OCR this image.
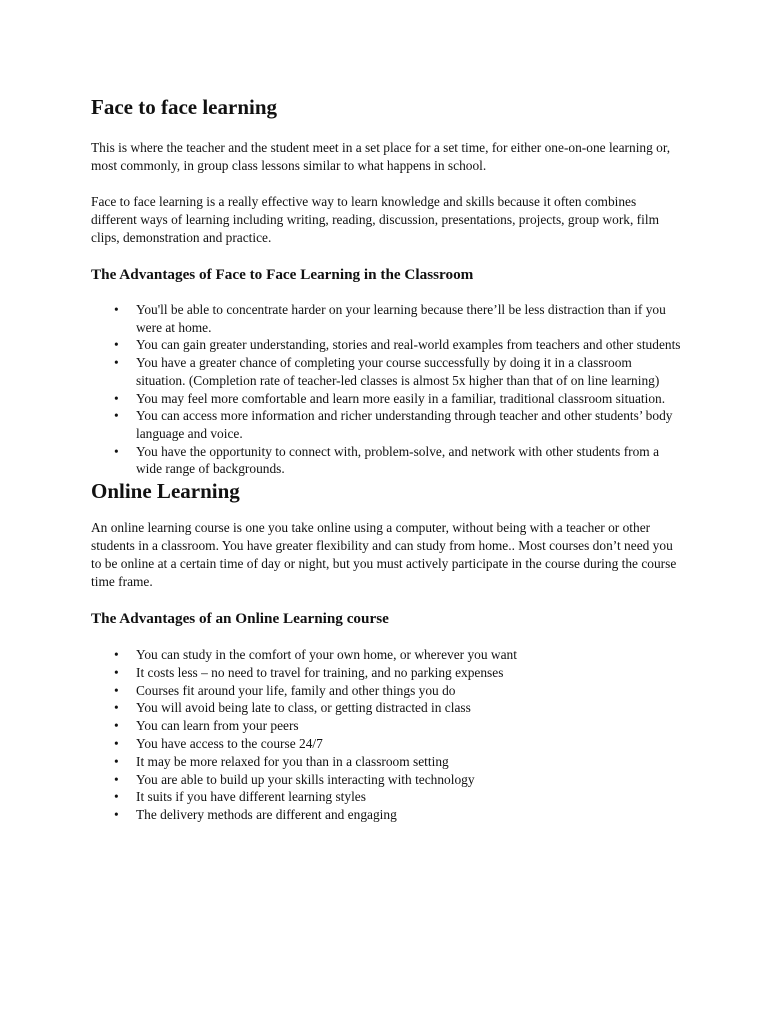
Face to face learning

This is where the teacher and the student meet in a set place for a set time, for either one-on-one learning or, most commonly, in group class lessons similar to what happens in school.

Face to face learning is a really effective way to learn knowledge and skills because it often combines different ways of learning including writing, reading, discussion, presentations, projects, group work, film clips, demonstration and practice.

The Advantages of Face to Face Learning in the Classroom
• You'll be able to concentrate harder on your learning because there’ll be less distraction than if you were at home.
• You can gain greater understanding, stories and real-world examples from teachers and other students
• You have a greater chance of completing your course successfully by doing it in a classroom situation. (Completion rate of teacher-led classes is almost 5x higher than that of on line learning)
• You may feel more comfortable and learn more easily in a familiar, traditional classroom situation.
• You can access more information and richer understanding through teacher and other students’ body language and voice.
• You have the opportunity to connect with, problem-solve, and network with other students from a wide range of backgrounds.
Online Learning

An online learning course is one you take online using a computer, without being with a teacher or other students in a classroom. You have greater flexibility and can study from home.. Most courses don’t need you to be online at a certain time of day or night, but you must actively participate in the course during the course time frame.

The Advantages of an Online Learning course
• You can study in the comfort of your own home, or wherever you want
• It costs less – no need to travel for training, and no parking expenses
• Courses fit around your life, family and other things you do
• You will avoid being late to class, or getting distracted in class
• You can learn from your peers
• You have access to the course 24/7
• It may be more relaxed for you than in a classroom setting
• You are able to build up your skills interacting with technology
• It suits if you have different learning styles
• The delivery methods are different and engaging
